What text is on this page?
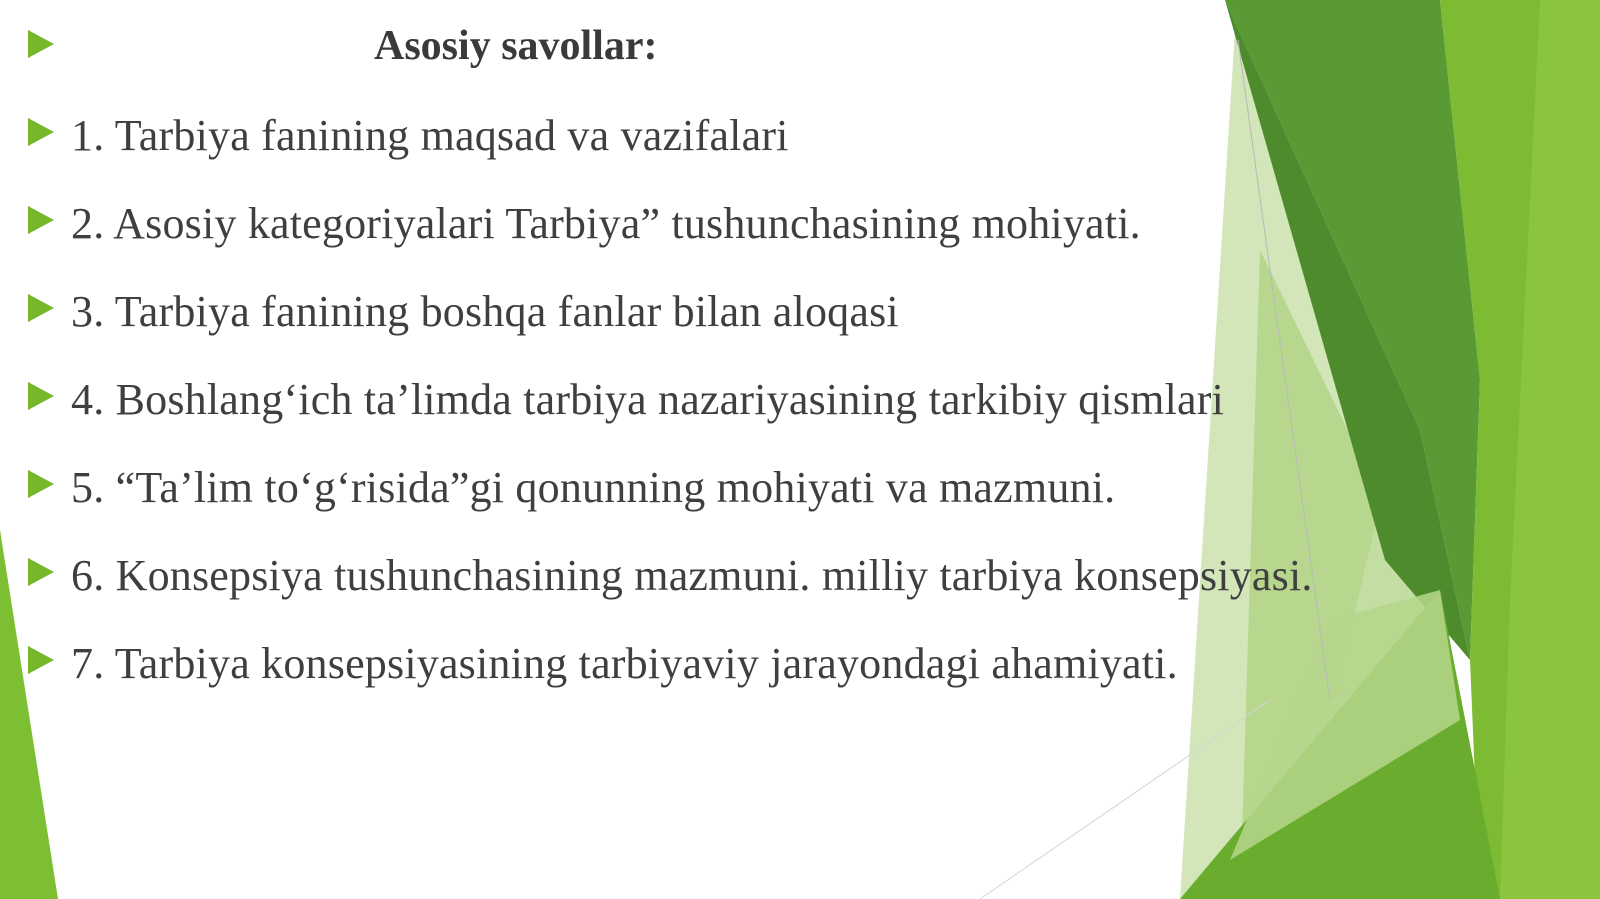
Asosiy savollar:
1. Tarbiya fanining maqsad va vazifalari
2. Asosiy kategoriyalari Tarbiya” tushunchasining mohiyati.
3. Tarbiya fanining boshqa fanlar bilan aloqasi
4. Boshlang‘ich ta’limda tarbiya nazariyasining tarkibiy qismlari
5. “Ta’lim to‘g‘risida”gi qonunning mohiyati va mazmuni.
6. Konsepsiya tushunchasining mazmuni. milliy tarbiya konsepsiyasi.
7. Tarbiya konsepsiyasining tarbiyaviy jarayondagi ahamiyati.
